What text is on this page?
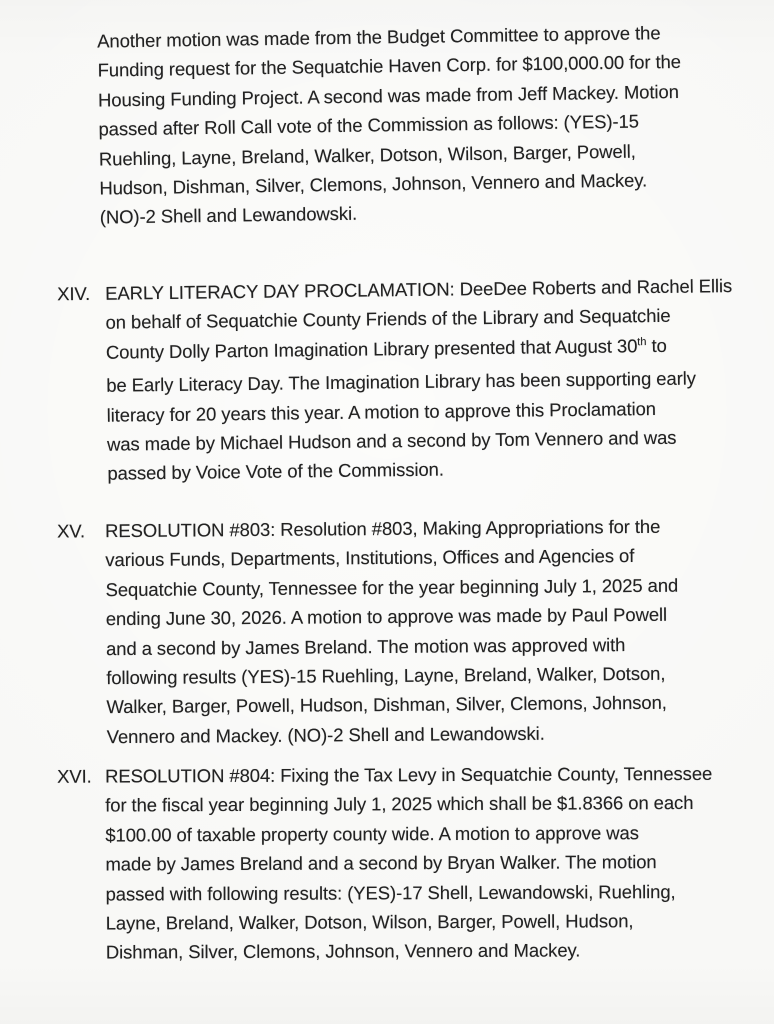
Another motion was made from the Budget Committee to approve the
Funding request for the Sequatchie Haven Corp. for $100,000.00 for the
Housing Funding Project. A second was made from Jeff Mackey. Motion
passed after Roll Call vote of the Commission as follows: (YES)-15
Ruehling, Layne, Breland, Walker, Dotson, Wilson, Barger, Powell,
Hudson, Dishman, Silver, Clemons, Johnson, Vennero and Mackey.
(NO)-2 Shell and Lewandowski.
XIV. EARLY LITERACY DAY PROCLAMATION: DeeDee Roberts and Rachel Ellis
on behalf of Sequatchie County Friends of the Library and Sequatchie
County Dolly Parton Imagination Library presented that August 30th to
be Early Literacy Day. The Imagination Library has been supporting early
literacy for 20 years this year. A motion to approve this Proclamation
was made by Michael Hudson and a second by Tom Vennero and was
passed by Voice Vote of the Commission.
XV. RESOLUTION #803: Resolution #803, Making Appropriations for the
various Funds, Departments, Institutions, Offices and Agencies of
Sequatchie County, Tennessee for the year beginning July 1, 2025 and
ending June 30, 2026. A motion to approve was made by Paul Powell
and a second by James Breland. The motion was approved with
following results (YES)-15 Ruehling, Layne, Breland, Walker, Dotson,
Walker, Barger, Powell, Hudson, Dishman, Silver, Clemons, Johnson,
Vennero and Mackey. (NO)-2 Shell and Lewandowski.
XVI. RESOLUTION #804: Fixing the Tax Levy in Sequatchie County, Tennessee
for the fiscal year beginning July 1, 2025 which shall be $1.8366 on each
$100.00 of taxable property county wide. A motion to approve was
made by James Breland and a second by Bryan Walker. The motion
passed with following results: (YES)-17 Shell, Lewandowski, Ruehling,
Layne, Breland, Walker, Dotson, Wilson, Barger, Powell, Hudson,
Dishman, Silver, Clemons, Johnson, Vennero and Mackey.
